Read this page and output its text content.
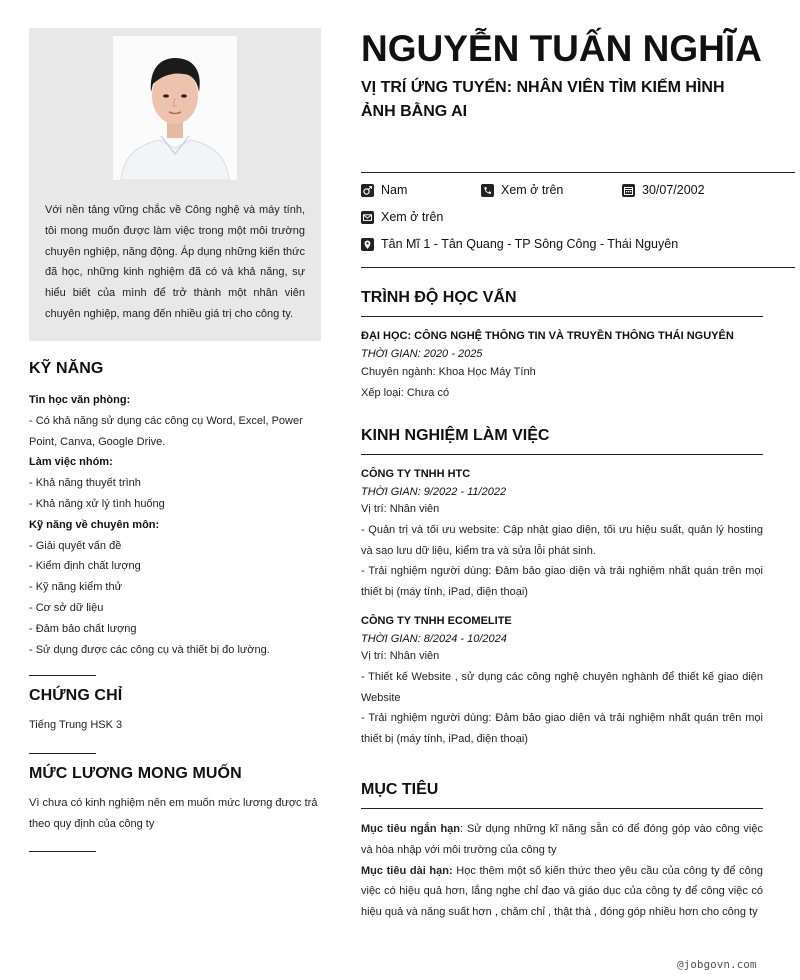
Với nền tảng vững chắc về Công nghệ và máy tính, tôi mong muốn được làm việc trong một môi trường chuyên nghiệp, năng động. Áp dụng những kiến thức đã học, những kinh nghiệm đã có và khả năng, sự hiểu biết của mình để trở thành một nhân viên chuyên nghiệp, mang đến nhiều giá trị cho công ty.
KỸ NĂNG
Tin học văn phòng:
- Có khả năng sử dụng các công cụ Word, Excel, Power Point, Canva, Google Drive.
Làm việc nhóm:
- Khả năng thuyết trình
- Khả năng xử lý tình huống
Kỹ năng về chuyên môn:
- Giải quyết vấn đề
- Kiểm định chất lượng
- Kỹ năng kiểm thử
- Cơ sở dữ liệu
- Đảm bảo chất lượng
- Sử dụng được các công cụ và thiết bị đo lường.
CHỨNG CHỈ
Tiếng Trung HSK 3
MỨC LƯƠNG MONG MUỐN
Vì chưa có kinh nghiệm nên em muốn mức lương được trả theo quy định của công ty
NGUYỄN TUẤN NGHĨA
VỊ TRÍ ỨNG TUYỂN: NHÂN VIÊN TÌM KIẾM HÌNH ẢNH BẰNG AI
Nam	Xem ở trên	30/07/2002
Xem ở trên
Tân Mĩ 1 - Tân Quang - TP Sông Công - Thái Nguyên
TRÌNH ĐỘ HỌC VẤN
ĐẠI HỌC: CÔNG NGHỆ THÔNG TIN VÀ TRUYỀN THÔNG THÁI NGUYÊN
THỜI GIAN: 2020 - 2025
Chuyên ngành: Khoa Học Máy Tính
Xếp loại: Chưa có
KINH NGHIỆM LÀM VIỆC
CÔNG TY TNHH HTC
THỜI GIAN: 9/2022 - 11/2022
Vị trí: Nhân viên
- Quản trị và tối ưu website: Cập nhật giao diện, tối ưu hiệu suất, quản lý hosting và sao lưu dữ liệu, kiểm tra và sửa lỗi phát sinh.
- Trải nghiệm người dùng: Đảm bảo giao diện và trải nghiệm nhất quán trên mọi thiết bị (máy tính, iPad, điện thoại)
CÔNG TY TNHH ECOMELITE
THỜI GIAN: 8/2024 - 10/2024
Vị trí: Nhân viên
- Thiết kế Website , sử dụng các công nghệ chuyên nghành để thiết kế giao diện Website
- Trải nghiệm người dùng: Đảm bảo giao diện và trải nghiệm nhất quán trên mọi thiết bị (máy tính, iPad, điện thoại)
MỤC TIÊU
Mục tiêu ngắn hạn: Sử dụng những kĩ năng sẵn có để đóng góp vào công việc và hòa nhập với môi trường của công ty
Mục tiêu dài hạn: Học thêm một số kiến thức theo yêu cầu của công ty để công việc có hiệu quả hơn, lắng nghe chỉ đạo và giáo dục của công ty để công việc có hiệu quả và năng suất hơn , chăm chỉ , thật thà , đóng góp nhiều hơn cho công ty
@jobgovn.com
